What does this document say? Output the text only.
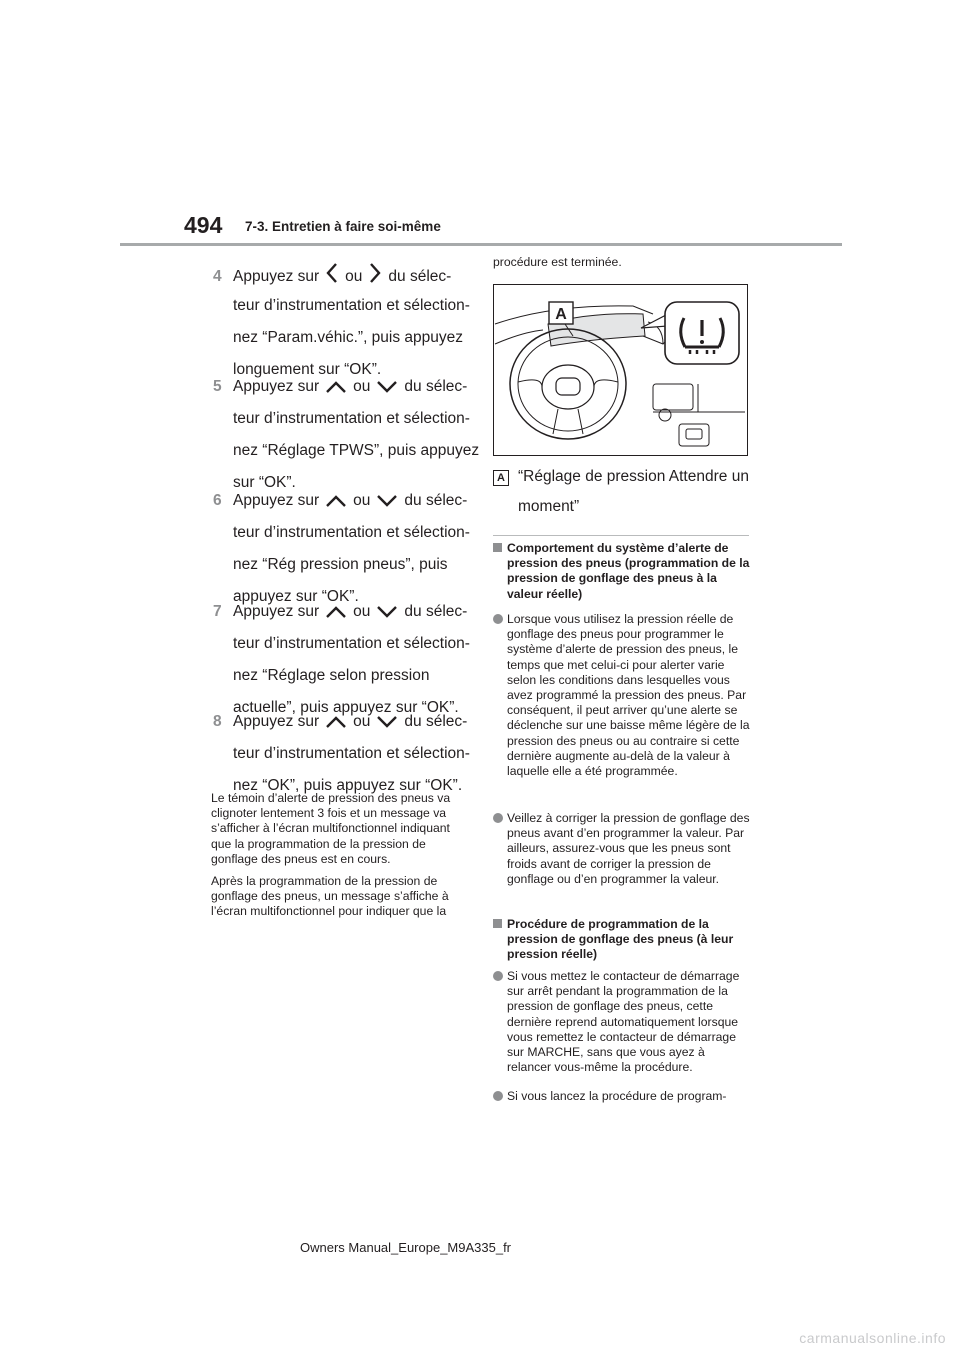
494 7-3. Entretien à faire soi-même
4 Appuyez sur ou du sélec-
teur d’instrumentation et sélection-
nez “Param.véhic.”, puis appuyez
longuement sur “OK”.
5 Appuyez sur ou du sélec-
teur d’instrumentation et sélection-
nez “Réglage TPWS”, puis appuyez
sur “OK”.
6 Appuyez sur ou du sélec-
teur d’instrumentation et sélection-
nez “Rég pression pneus”, puis
appuyez sur “OK”.
7 Appuyez sur ou du sélec-
teur d’instrumentation et sélection-
nez “Réglage selon pression
actuelle”, puis appuyez sur “OK”.
8 Appuyez sur ou du sélec-
teur d’instrumentation et sélection-
nez “OK”, puis appuyez sur “OK”.
Le témoin d’alerte de pression des pneus va clignoter lentement 3 fois et un message va s’afficher à l’écran multifonctionnel indiquant que la programmation de la pression de gonflage des pneus est en cours.
Après la programmation de la pression de gonflage des pneus, un message s’affiche à l’écran multifonctionnel pour indiquer que la
procédure est terminée.
A
A “Réglage de pression Attendre un
moment”
Comportement du système d’alerte de pression des pneus (programmation de la pression de gonflage des pneus à la valeur réelle)
Lorsque vous utilisez la pression réelle de gonflage des pneus pour programmer le système d’alerte de pression des pneus, le temps que met celui-ci pour alerter varie selon les conditions dans lesquelles vous avez programmé la pression des pneus. Par conséquent, il peut arriver qu’une alerte se déclenche sur une baisse même légère de la pression des pneus ou au contraire si cette dernière augmente au-delà de la valeur à laquelle elle a été programmée.
Veillez à corriger la pression de gonflage des pneus avant d’en programmer la valeur. Par ailleurs, assurez-vous que les pneus sont froids avant de corriger la pression de gonflage ou d’en programmer la valeur.
Procédure de programmation de la pression de gonflage des pneus (à leur pression réelle)
Si vous mettez le contacteur de démarrage sur arrêt pendant la programmation de la pression de gonflage des pneus, cette dernière reprend automatiquement lorsque vous remettez le contacteur de démarrage sur MARCHE, sans que vous ayez à relancer vous-même la procédure.
Si vous lancez la procédure de program-
Owners Manual_Europe_M9A335_fr
carmanualsonline.info
